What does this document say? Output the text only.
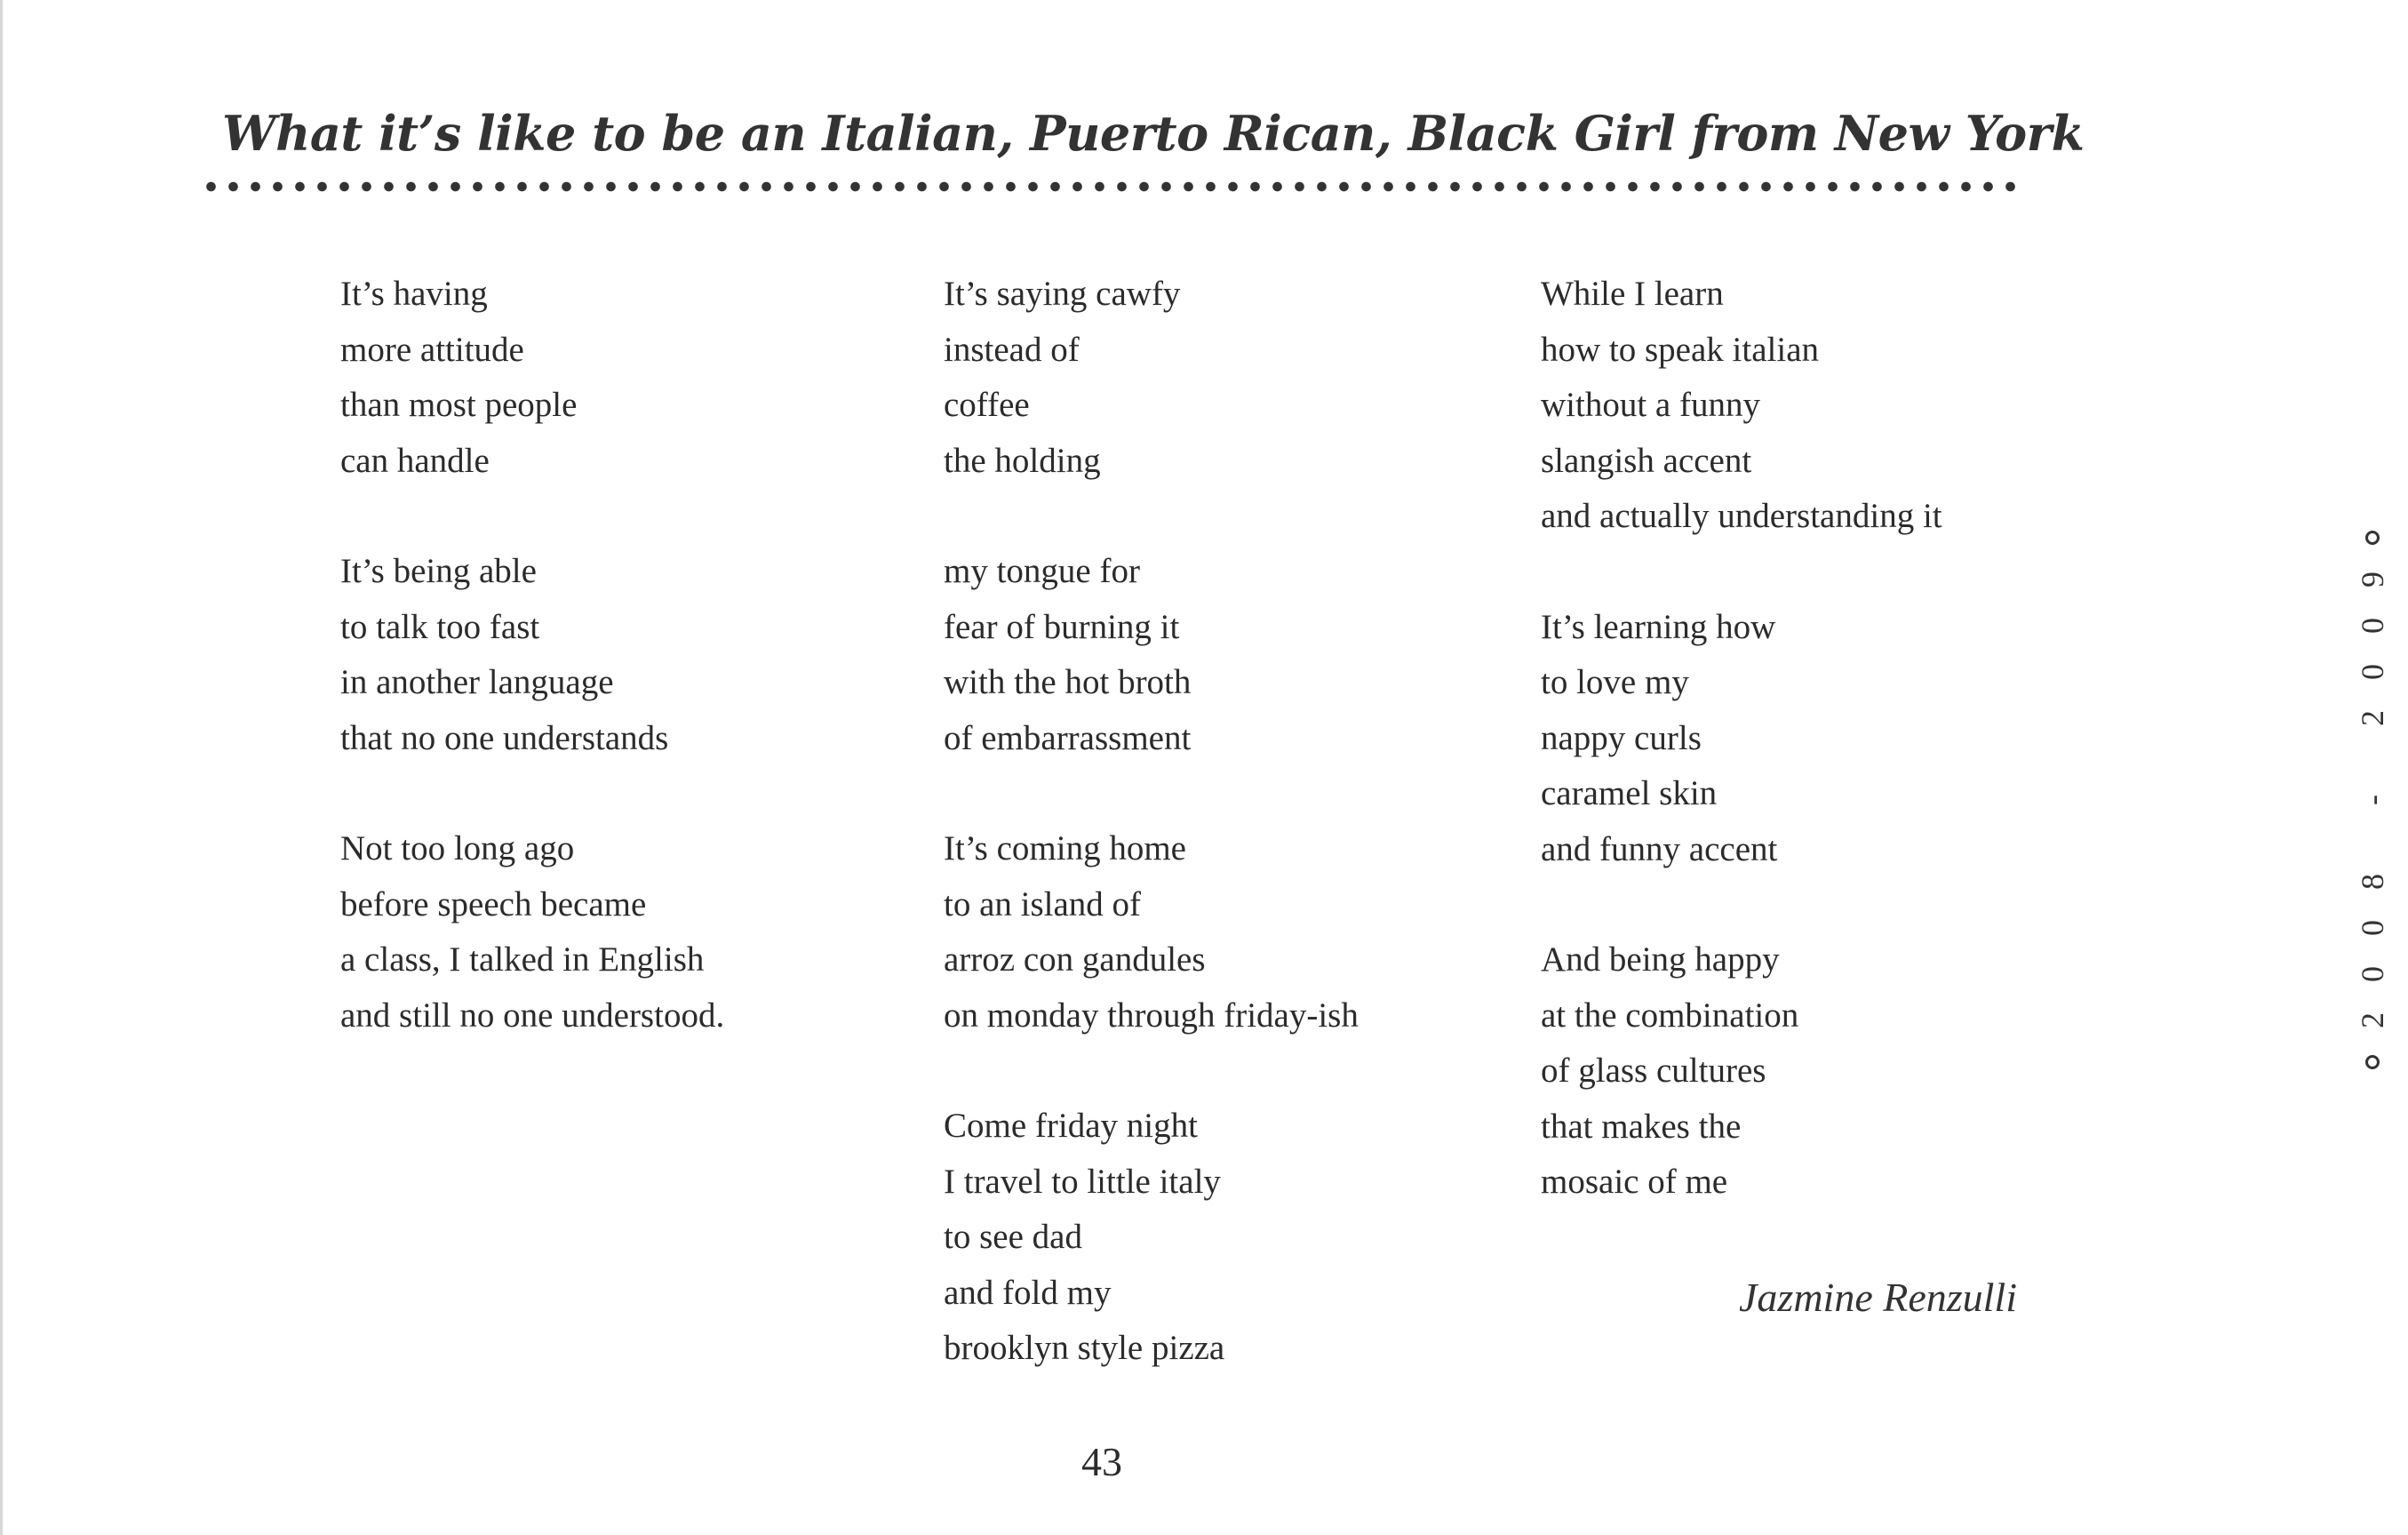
What it’s like to be an Italian, Puerto Rican, Black Girl from New York
It’s having
more attitude
than most people
can handle
It’s being able
to talk too fast
in another language
that no one understands
Not too long ago
before speech became
a class, I talked in English
and still no one understood.
It’s saying cawfy
instead of
coffee
the holding
my tongue for
fear of burning it
with the hot broth
of embarrassment
It’s coming home
to an island of
arroz con gandules
on monday through friday-ish
Come friday night
I travel to little italy
to see dad
and fold my
brooklyn style pizza
While I learn
how to speak italian
without a funny
slangish accent
and actually understanding it
It’s learning how
to love my
nappy curls
caramel skin
and funny accent
And being happy
at the combination
of glass cultures
that makes the
mosaic of me
Jazmine Renzulli
43
2008 - 2009
